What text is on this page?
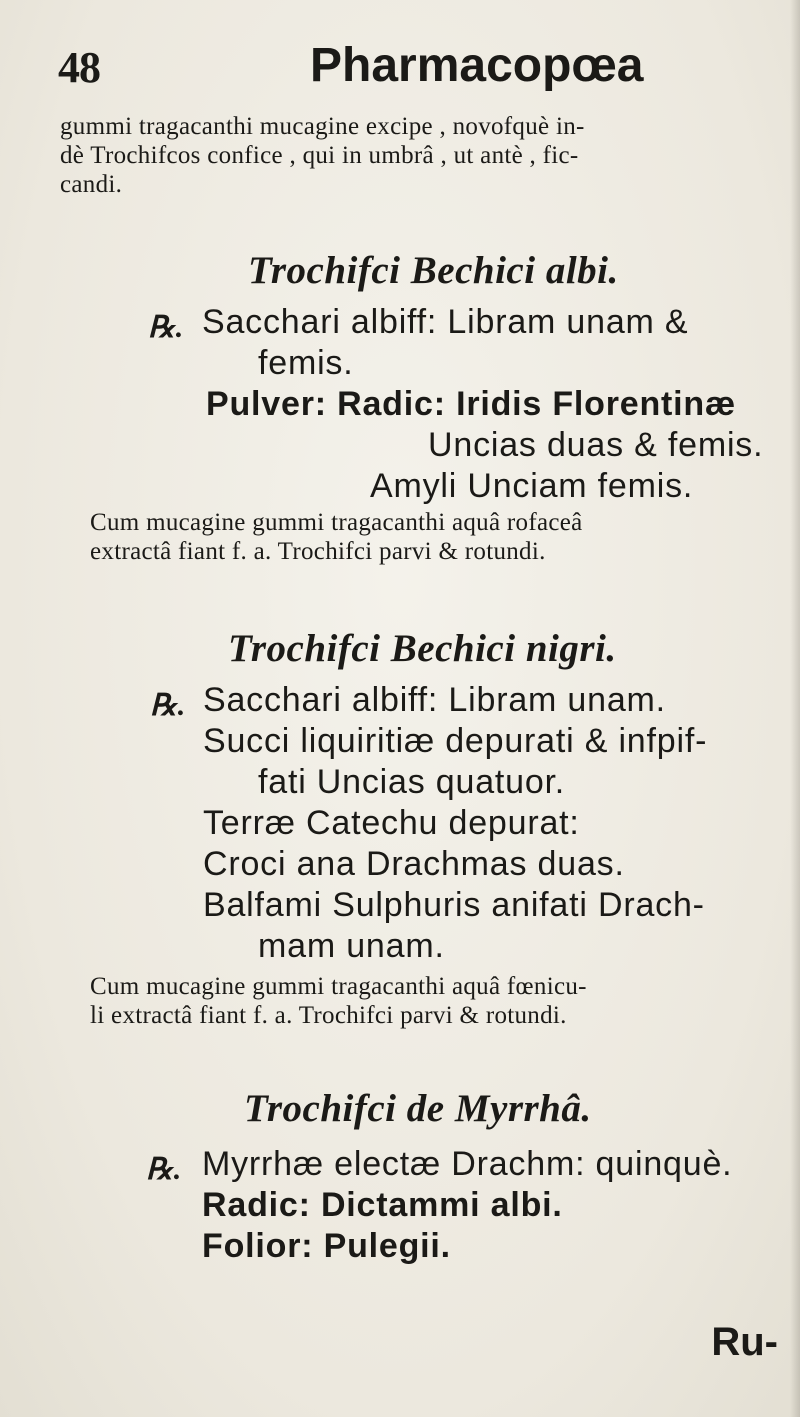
48	Pharmacopœa
gummi tragacanthi mucagine excipe , novofquè in-
dè Trochifcos confice , qui in umbrâ , ut antè , fic-
candi.
Trochifci Bechici albi.
℞. Sacchari albiff: Libram unam &
femis.
Pulver: Radic: Iridis Florentinæ
Uncias duas & femis.
Amyli Unciam femis.
Cum mucagine gummi tragacanthi aquâ rofaceâ
extractâ fiant f. a. Trochifci parvi & rotundi.
Trochifci Bechici nigri.
℞. Sacchari albiff: Libram unam.
Succi liquiritiæ depurati & infpif-
fati Uncias quatuor.
Terræ Catechu depurat:
Croci ana Drachmas duas.
Balfami Sulphuris anifati Drach-
mam unam.
Cum mucagine gummi tragacanthi aquâ fœnicu-
li extractâ fiant f. a. Trochifci parvi & rotundi.
Trochifci de Myrrhâ.
℞. Myrrhæ electæ Drachm: quinquè.
Radic: Dictammi albi.
Folior: Pulegii.
Ru-
